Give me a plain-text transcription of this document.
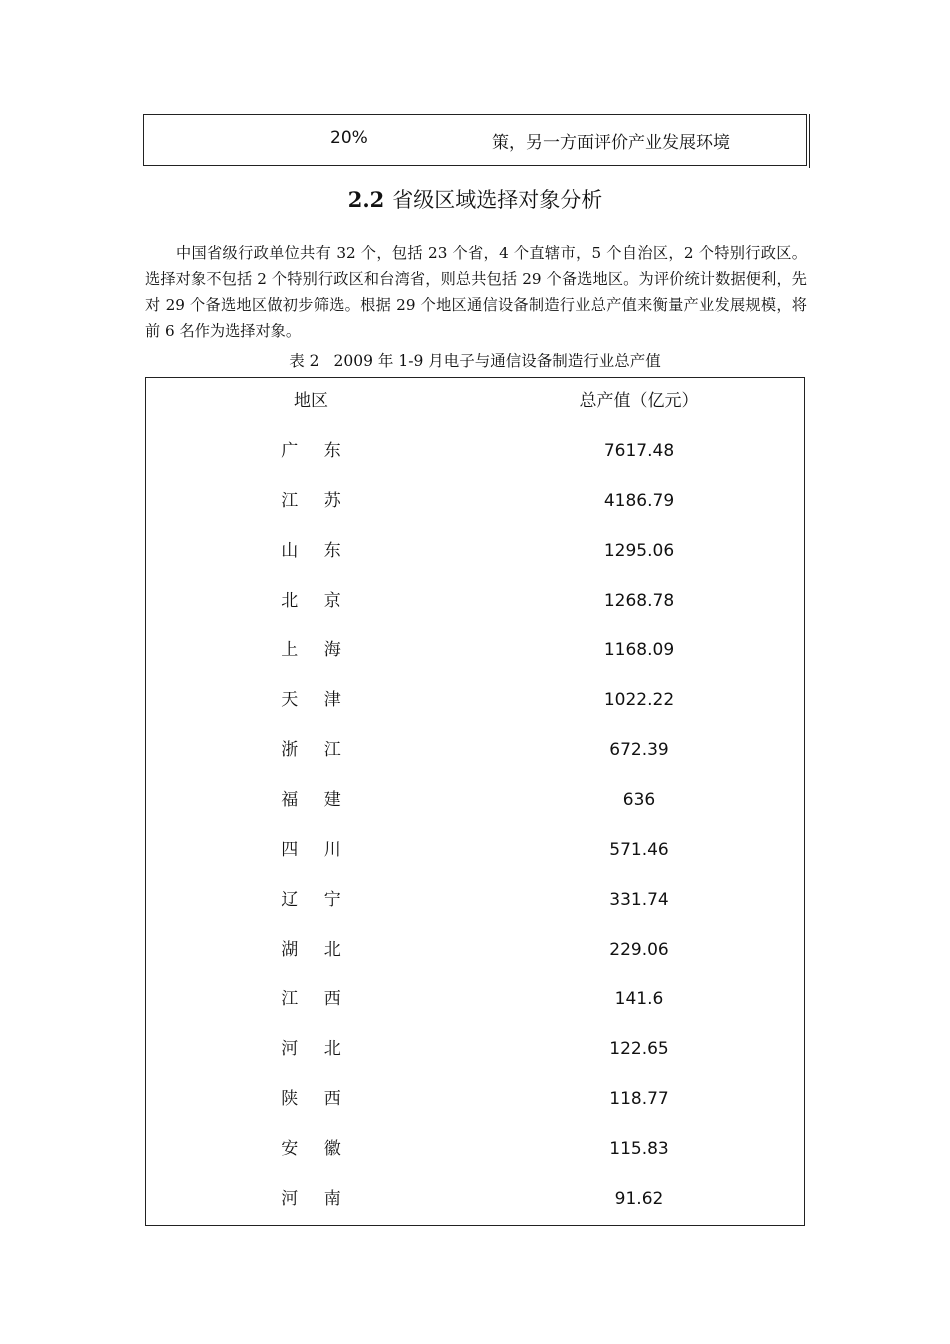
20%	策，另一方面评价产业发展环境
2.2 省级区域选择对象分析

中国省级行政单位共有 32 个，包括 23 个省，4 个直辖市，5 个自治区，2 个特别行政区。选择对象不包括 2 个特别行政区和台湾省，则总共包括 29 个备选地区。为评价统计数据便利，先对 29 个备选地区做初步筛选。根据 29 个地区通信设备制造行业总产值来衡量产业发展规模，将前 6 名作为选择对象。

表 2 2009 年 1-9 月电子与通信设备制造行业总产值
地区	总产值（亿元）
广 东	7617.48
江 苏	4186.79
山 东	1295.06
北 京	1268.78
上 海	1168.09
天 津	1022.22
浙 江	672.39
福 建	636
四 川	571.46
辽 宁	331.74
湖 北	229.06
江 西	141.6
河 北	122.65
陕 西	118.77
安 徽	115.83
河 南	91.62
